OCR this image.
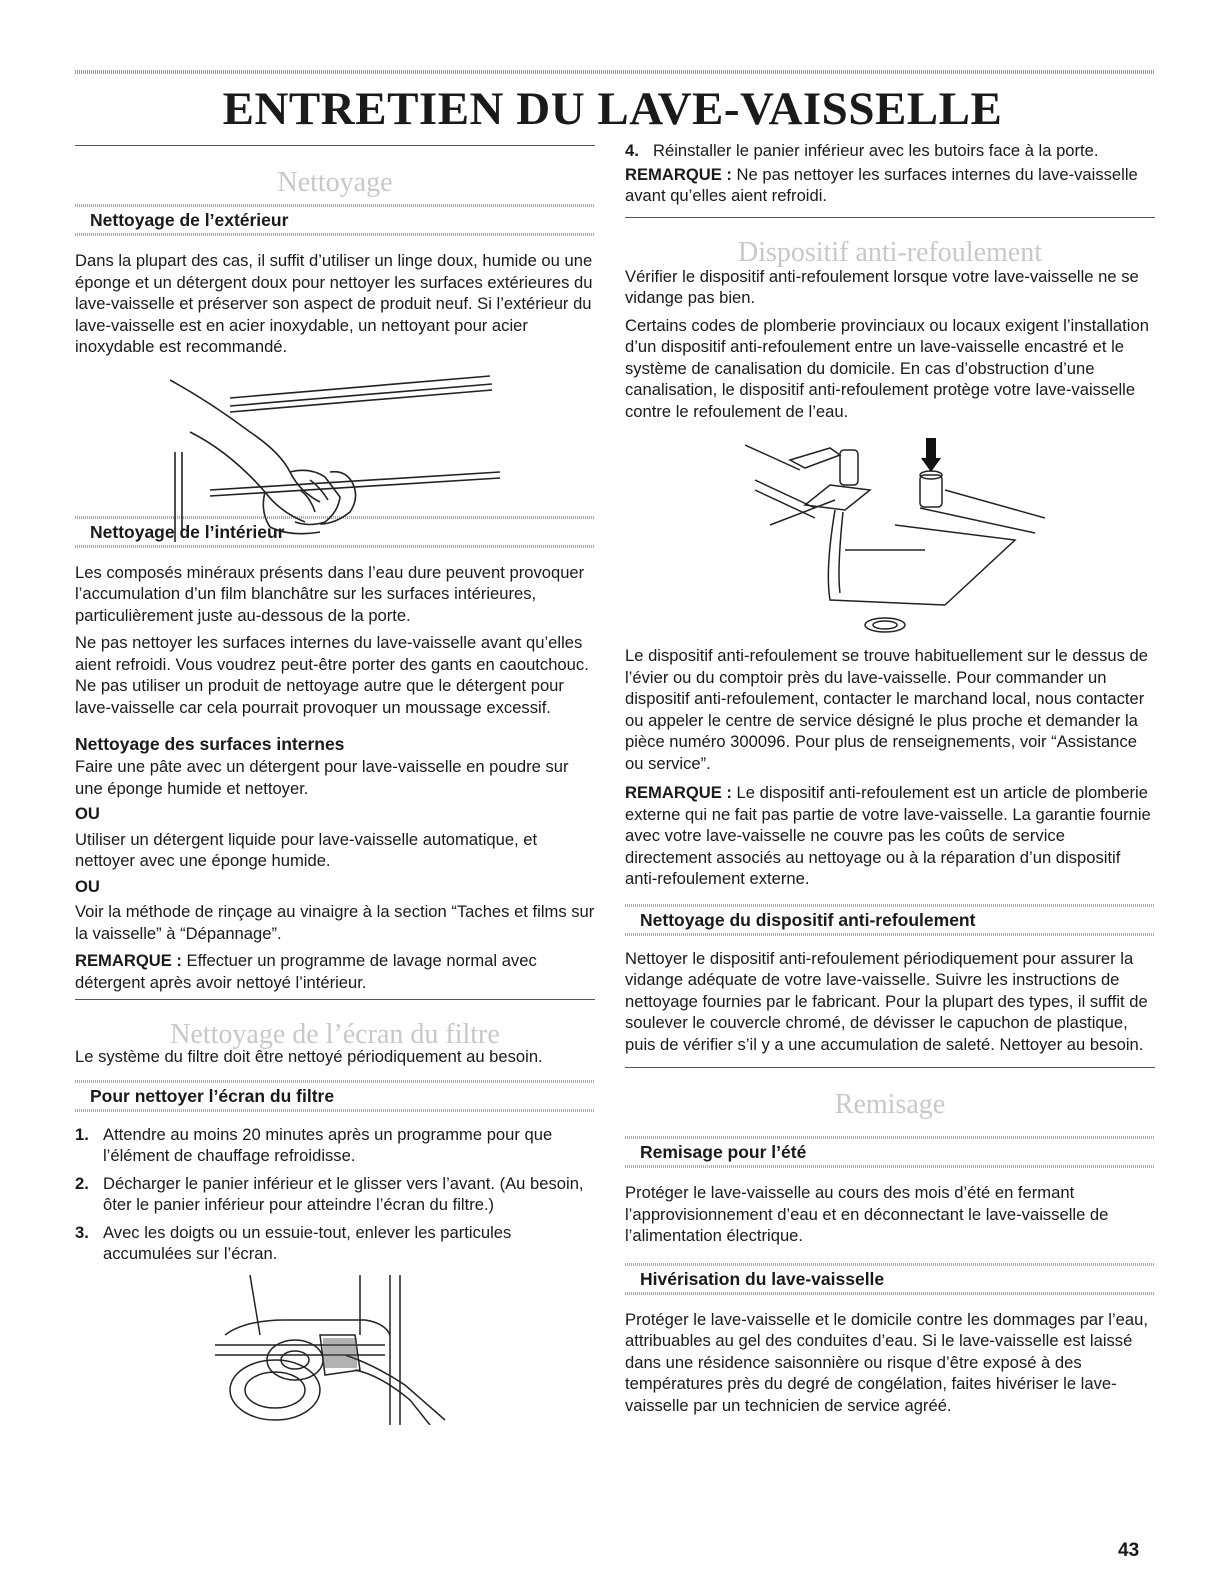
ENTRETIEN DU LAVE-VAISSELLE
Nettoyage
Nettoyage de l’extérieur

Dans la plupart des cas, il suffit d’utiliser un linge doux, humide ou une éponge et un détergent doux pour nettoyer les surfaces extérieures du lave-vaisselle et préserver son aspect de produit neuf. Si l’extérieur du lave-vaisselle est en acier inoxydable, un nettoyant pour acier inoxydable est recommandé.

Nettoyage de l’intérieur

Les composés minéraux présents dans l’eau dure peuvent provoquer l’accumulation d’un film blanchâtre sur les surfaces intérieures, particulièrement juste au-dessous de la porte.

Ne pas nettoyer les surfaces internes du lave-vaisselle avant qu’elles aient refroidi. Vous voudrez peut-être porter des gants en caoutchouc. Ne pas utiliser un produit de nettoyage autre que le détergent pour lave-vaisselle car cela pourrait provoquer un moussage excessif.

Nettoyage des surfaces internes

Faire une pâte avec un détergent pour lave-vaisselle en poudre sur une éponge humide et nettoyer.

OU

Utiliser un détergent liquide pour lave-vaisselle automatique, et nettoyer avec une éponge humide.

OU

Voir la méthode de rinçage au vinaigre à la section “Taches et films sur la vaisselle” à “Dépannage”.

REMARQUE : Effectuer un programme de lavage normal avec détergent après avoir nettoyé l’intérieur.

Nettoyage de l’écran du filtre

Le système du filtre doit être nettoyé périodiquement au besoin.

Pour nettoyer l’écran du filtre
1. Attendre au moins 20 minutes après un programme pour que l’élément de chauffage refroidisse.
2. Décharger le panier inférieur et le glisser vers l’avant. (Au besoin, ôter le panier inférieur pour atteindre l’écran du filtre.)
3. Avec les doigts ou un essuie-tout, enlever les particules accumulées sur l’écran.
4. Réinstaller le panier inférieur avec les butoirs face à la porte.

REMARQUE : Ne pas nettoyer les surfaces internes du lave-vaisselle avant qu’elles aient refroidi.

Dispositif anti-refoulement

Vérifier le dispositif anti-refoulement lorsque votre lave-vaisselle ne se vidange pas bien.

Certains codes de plomberie provinciaux ou locaux exigent l’installation d’un dispositif anti-refoulement entre un lave-vaisselle encastré et le système de canalisation du domicile. En cas d’obstruction d’une canalisation, le dispositif anti-refoulement protège votre lave-vaisselle contre le refoulement de l’eau.

Le dispositif anti-refoulement se trouve habituellement sur le dessus de l’évier ou du comptoir près du lave-vaisselle. Pour commander un dispositif anti-refoulement, contacter le marchand local, nous contacter ou appeler le centre de service désigné le plus proche et demander la pièce numéro 300096. Pour plus de renseignements, voir “Assistance ou service”.

REMARQUE : Le dispositif anti-refoulement est un article de plomberie externe qui ne fait pas partie de votre lave-vaisselle. La garantie fournie avec votre lave-vaisselle ne couvre pas les coûts de service directement associés au nettoyage ou à la réparation d’un dispositif anti-refoulement externe.

Nettoyage du dispositif anti-refoulement

Nettoyer le dispositif anti-refoulement périodiquement pour assurer la vidange adéquate de votre lave-vaisselle. Suivre les instructions de nettoyage fournies par le fabricant. Pour la plupart des types, il suffit de soulever le couvercle chromé, de dévisser le capuchon de plastique, puis de vérifier s’il y a une accumulation de saleté. Nettoyer au besoin.

Remisage
Remisage pour l’été

Protéger le lave-vaisselle au cours des mois d’été en fermant l’approvisionnement d’eau et en déconnectant le lave-vaisselle de l’alimentation électrique.

Hivérisation du lave-vaisselle

Protéger le lave-vaisselle et le domicile contre les dommages par l’eau, attribuables au gel des conduites d’eau. Si le lave-vaisselle est laissé dans une résidence saisonnière ou risque d’être exposé à des températures près du degré de congélation, faites hivériser le lave-vaisselle par un technicien de service agréé.

43
